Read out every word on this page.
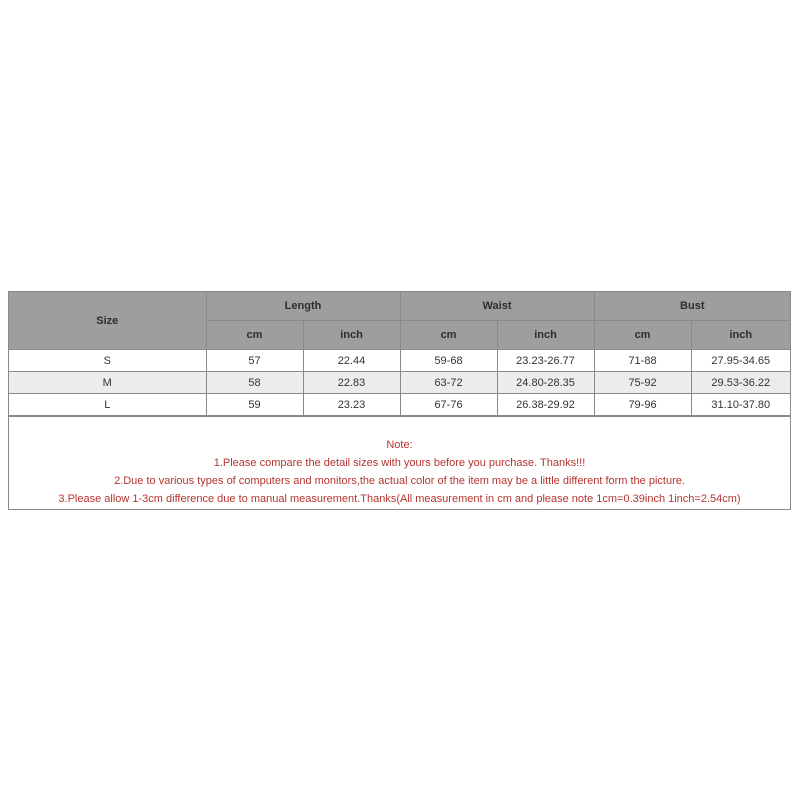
Size	Length		Waist		Bust	
	cm	inch	cm	inch	cm	inch
S	57	22.44	59-68	23.23-26.77	71-88	27.95-34.65
M	58	22.83	63-72	24.80-28.35	75-92	29.53-36.22
L	59	23.23	67-76	26.38-29.92	79-96	31.10-37.80
Note:
1.Please compare the detail sizes with yours before you purchase. Thanks!!!
2.Due to various types of computers and monitors,the actual color of the item may be a little different form the picture.
3.Please allow 1-3cm difference due to manual measurement.Thanks(All measurement in cm and please note 1cm=0.39inch 1inch=2.54cm)
